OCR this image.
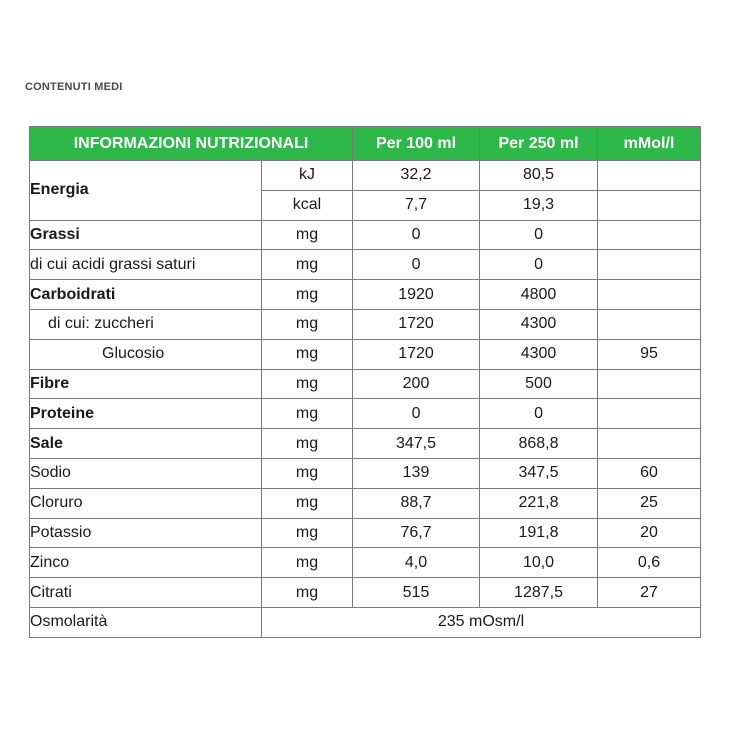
CONTENUTI MEDI
INFORMAZIONI NUTRIZIONALI		Per 100 ml	Per 250 ml	mMol/l
Energia	kJ	32,2	80,5	
	kcal	7,7	19,3	
Grassi	mg	0	0	
di cui acidi grassi saturi	mg	0	0	
Carboidrati	mg	1920	4800	
di cui: zuccheri	mg	1720	4300	
Glucosio	mg	1720	4300	95
Fibre	mg	200	500	
Proteine	mg	0	0	
Sale	mg	347,5	868,8	
Sodio	mg	139	347,5	60
Cloruro	mg	88,7	221,8	25
Potassio	mg	76,7	191,8	20
Zinco	mg	4,0	10,0	0,6
Citrati	mg	515	1287,5	27
Osmolarità	235 mOsm/l			
